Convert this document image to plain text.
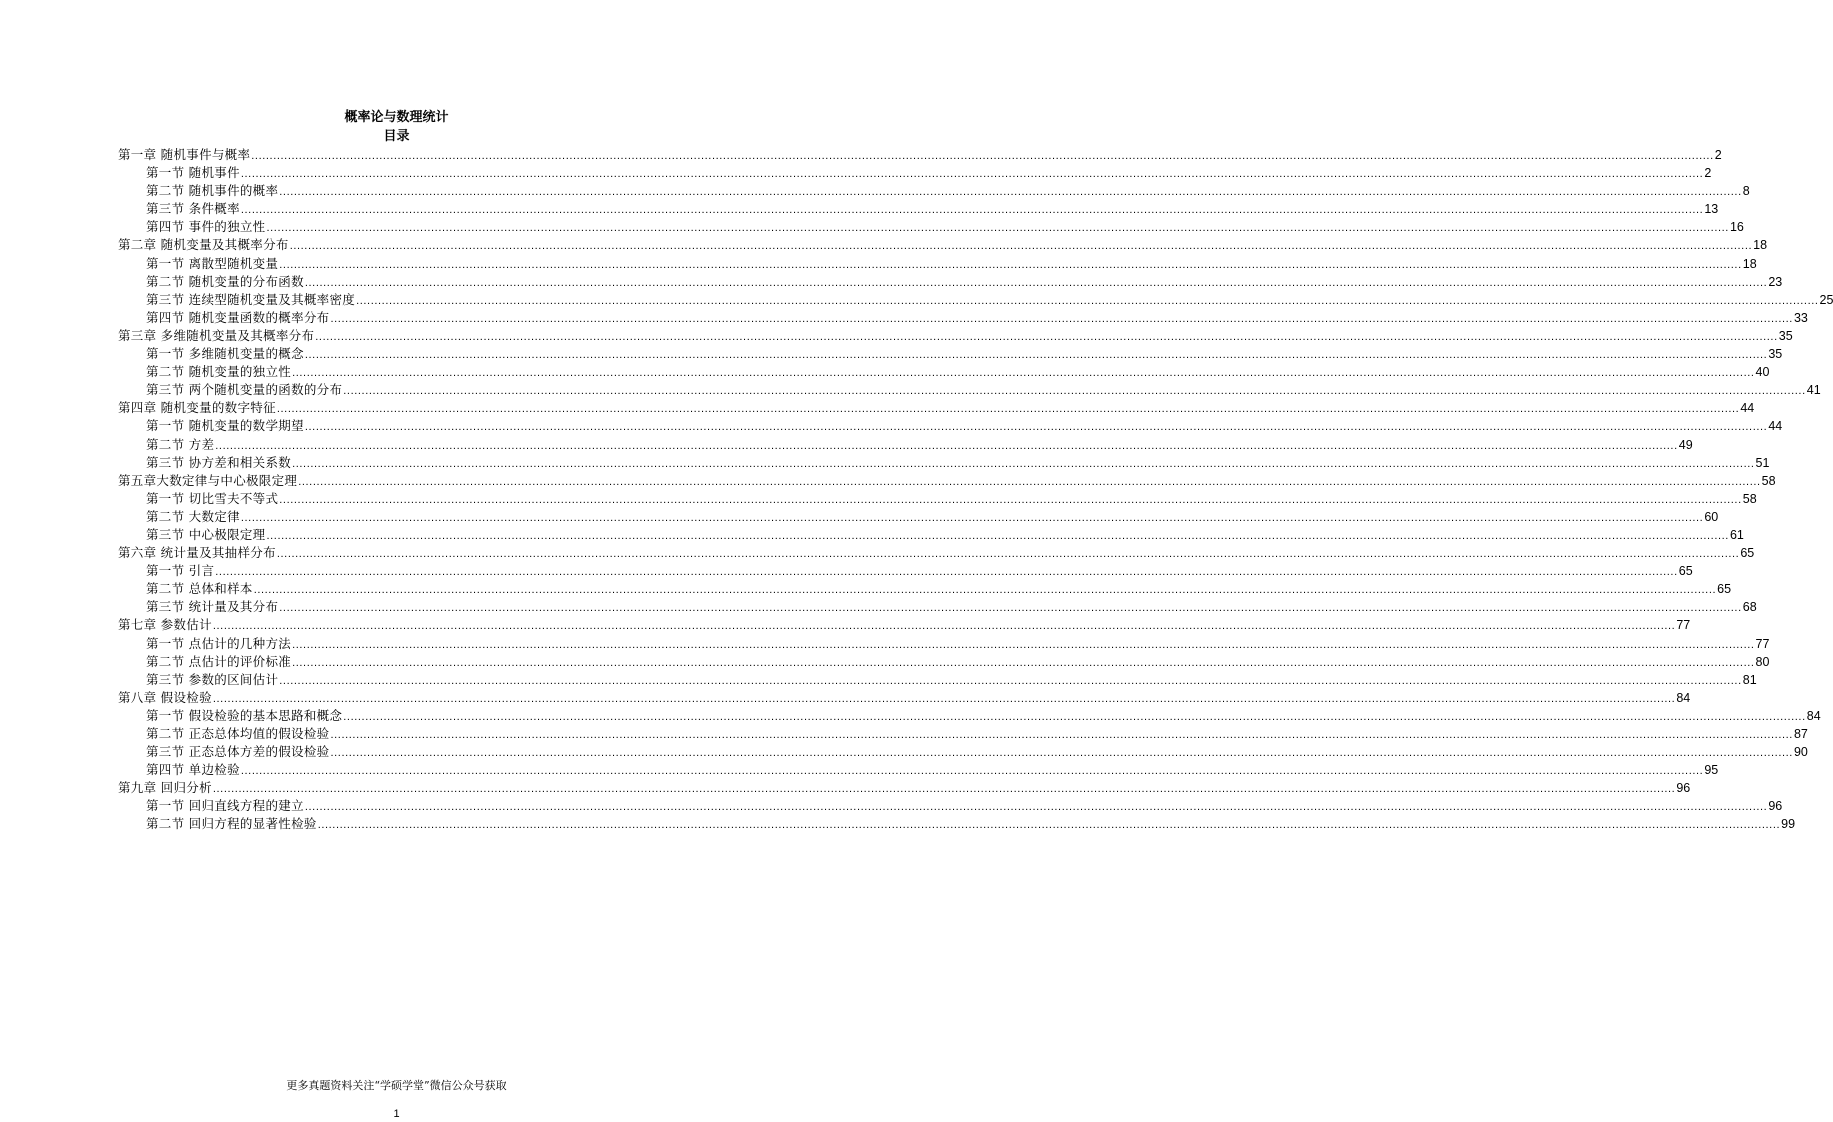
概率论与数理统计
目录
第一章 随机事件与概率 ................................................................................................................................................................................................................................................................................................................................................................................................................ 2
第一节 随机事件 ................................................................................................................................................................................................................................................................................................................................................................................................................ 2
第二节 随机事件的概率 ................................................................................................................................................................................................................................................................................................................................................................................................................ 8
第三节 条件概率 ................................................................................................................................................................................................................................................................................................................................................................................................................ 13
第四节 事件的独立性 ................................................................................................................................................................................................................................................................................................................................................................................................................ 16
第二章 随机变量及其概率分布 ................................................................................................................................................................................................................................................................................................................................................................................................................ 18
第一节 离散型随机变量 ................................................................................................................................................................................................................................................................................................................................................................................................................ 18
第二节 随机变量的分布函数 ................................................................................................................................................................................................................................................................................................................................................................................................................ 23
第三节 连续型随机变量及其概率密度 ................................................................................................................................................................................................................................................................................................................................................................................................................ 25
第四节 随机变量函数的概率分布 ................................................................................................................................................................................................................................................................................................................................................................................................................ 33
第三章 多维随机变量及其概率分布 ................................................................................................................................................................................................................................................................................................................................................................................................................ 35
第一节 多维随机变量的概念 ................................................................................................................................................................................................................................................................................................................................................................................................................ 35
第二节 随机变量的独立性 ................................................................................................................................................................................................................................................................................................................................................................................................................ 40
第三节 两个随机变量的函数的分布 ................................................................................................................................................................................................................................................................................................................................................................................................................ 41
第四章 随机变量的数字特征 ................................................................................................................................................................................................................................................................................................................................................................................................................ 44
第一节 随机变量的数学期望 ................................................................................................................................................................................................................................................................................................................................................................................................................ 44
第二节 方差 ................................................................................................................................................................................................................................................................................................................................................................................................................ 49
第三节 协方差和相关系数 ................................................................................................................................................................................................................................................................................................................................................................................................................ 51
第五章大数定律与中心极限定理 ................................................................................................................................................................................................................................................................................................................................................................................................................ 58
第一节 切比雪夫不等式 ................................................................................................................................................................................................................................................................................................................................................................................................................ 58
第二节 大数定律 ................................................................................................................................................................................................................................................................................................................................................................................................................ 60
第三节 中心极限定理 ................................................................................................................................................................................................................................................................................................................................................................................................................ 61
第六章 统计量及其抽样分布 ................................................................................................................................................................................................................................................................................................................................................................................................................ 65
第一节 引言 ................................................................................................................................................................................................................................................................................................................................................................................................................ 65
第二节 总体和样本 ................................................................................................................................................................................................................................................................................................................................................................................................................ 65
第三节 统计量及其分布 ................................................................................................................................................................................................................................................................................................................................................................................................................ 68
第七章 参数估计 ................................................................................................................................................................................................................................................................................................................................................................................................................ 77
第一节 点估计的几种方法 ................................................................................................................................................................................................................................................................................................................................................................................................................ 77
第二节 点估计的评价标准 ................................................................................................................................................................................................................................................................................................................................................................................................................ 80
第三节 参数的区间估计 ................................................................................................................................................................................................................................................................................................................................................................................................................ 81
第八章 假设检验 ................................................................................................................................................................................................................................................................................................................................................................................................................ 84
第一节 假设检验的基本思路和概念 ................................................................................................................................................................................................................................................................................................................................................................................................................ 84
第二节 正态总体均值的假设检验 ................................................................................................................................................................................................................................................................................................................................................................................................................ 87
第三节 正态总体方差的假设检验 ................................................................................................................................................................................................................................................................................................................................................................................................................ 90
第四节 单边检验 ................................................................................................................................................................................................................................................................................................................................................................................................................ 95
第九章 回归分析 ................................................................................................................................................................................................................................................................................................................................................................................................................ 96
第一节 回归直线方程的建立 ................................................................................................................................................................................................................................................................................................................................................................................................................ 96
第二节 回归方程的显著性检验 ................................................................................................................................................................................................................................................................................................................................................................................................................ 99
更多真题资料关注“学硕学堂”微信公众号获取
1
